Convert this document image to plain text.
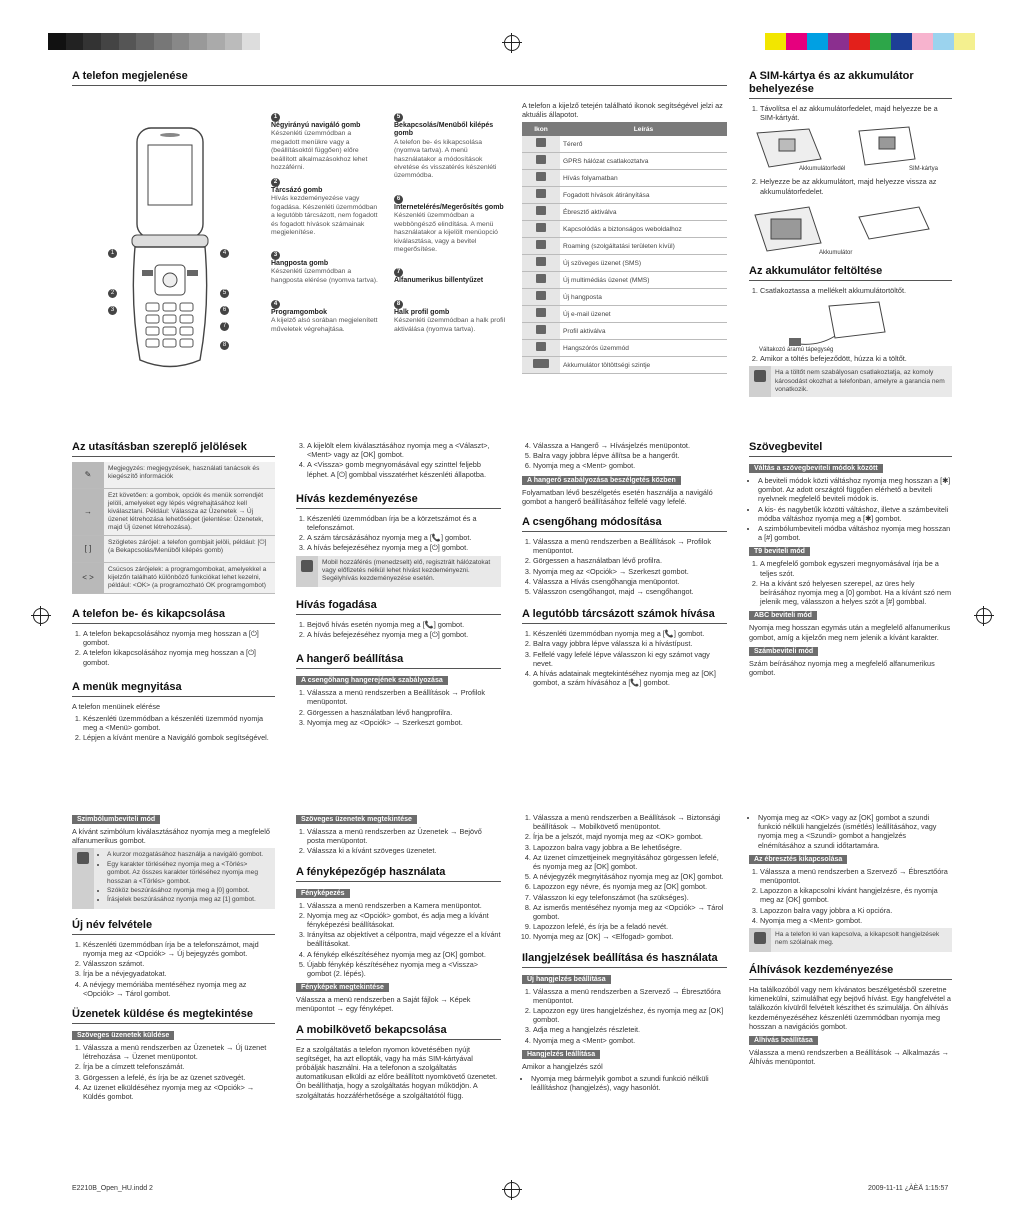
A telefon megjelenése
1
2
3
4
5
6
7
8
1
Négyirányú navigáló gomb
Készenléti üzemmódban a megadott menükre vagy a (beállításoktól függően) előre beállított alkalmazásokhoz lehet hozzáférni.
2
Tárcsázó gomb
Hívás kezdeményezése vagy fogadása. Készenléti üzemmódban a legutóbb tárcsázott, nem fogadott és fogadott hívások számainak megjelenítése.
3
Hangposta gomb
Készenléti üzemmódban a hangposta elérése (nyomva tartva).
4
Programgombok
A kijelző alsó sorában megjelenített műveletek végrehajtása.
5
Bekapcsolás/Menüből kilépés gomb
A telefon be- és kikapcsolása (nyomva tartva). A menü használatakor a módosítások elvetése és visszatérés készenléti üzemmódba.
6
Internetelérés/Megerősítés gomb
Készenléti üzemmódban a webböngésző elindítása. A menü használatakor a kijelölt menüopció kiválasztása, vagy a bevitel megerősítése.
7
Alfanumerikus billentyűzet
8
Halk profil gomb
Készenléti üzemmódban a halk profil aktiválása (nyomva tartva).
A telefon a kijelző tetején található ikonok segítségével jelzi az aktuális állapotot.
Ikon	Leírás
	Térerő
	GPRS hálózat csatlakoztatva
	Hívás folyamatban
	Fogadott hívások átirányítása
	Ébresztő aktiválva
	Kapcsolódás a biztonságos weboldalhoz
	Roaming (szolgáltatási területen kívül)
	Új szöveges üzenet (SMS)
	Új multimédiás üzenet (MMS)
	Új hangposta
	Új e-mail üzenet
	Profil aktiválva
	Hangszórós üzemmód
	Akkumulátor töltöttségi szintje
A SIM-kártya és az akkumulátor behelyezése
1. Távolítsa el az akkumulátorfedelet, majd helyezze be a SIM-kártyát.
Akkumulátorfedél	SIM-kártya
2. Helyezze be az akkumulátort, majd helyezze vissza az akkumulátorfedelet.
Akkumulátor
Az akkumulátor feltöltése
1. Csatlakoztassa a mellékelt akkumulátortöltőt.
Váltakozó áramú tápegység
2. Amikor a töltés befejeződött, húzza ki a töltőt.
Ha a töltőt nem szabályosan csatlakoztatja, az komoly károsodást okozhat a telefonban, amelyre a garancia nem vonatkozik.
Az utasításban szereplő jelölések
✎
Megjegyzés: megjegyzések, használati tanácsok és kiegészítő információk
→
Ezt követően: a gombok, opciók és menük sorrendjét jelöli, amelyeket egy lépés végrehajtásához kell kiválasztani. Például: Válassza az Üzenetek → Új üzenet létrehozása lehetőséget (jelentése: Üzenetek, majd Új üzenet létrehozása).
[ ]
Szögletes zárójel: a telefon gombjait jelöli, például: [⏻] (a Bekapcsolás/Menüből kilépés gomb)
< >
Csúcsos zárójelek: a programgombokat, amelyekkel a kijelzőn található különböző funkciókat lehet kezelni, például: <OK> (a programozható OK programgombot)
A telefon be- és kikapcsolása
1. A telefon bekapcsolásához nyomja meg hosszan a [⏻] gombot.
2. A telefon kikapcsolásához nyomja meg hosszan a [⏻] gombot.
A menük megnyitása
A telefon menüinek elérése
1. Készenléti üzemmódban a készenléti üzemmód nyomja meg a <Menü> gombot.
2. Lépjen a kívánt menüre a Navigáló gombok segítségével.
3. A kijelölt elem kiválasztásához nyomja meg a <Választ>, <Ment> vagy az [OK] gombot.
4. A <Vissza> gomb megnyomásával egy szinttel feljebb léphet. A [⏻] gombbal visszatérhet készenléti állapotba.
Hívás kezdeményezése
1. Készenléti üzemmódban írja be a körzetszámot és a telefonszámot.
2. A szám tárcsázásához nyomja meg a [📞] gombot.
3. A hívás befejezéséhez nyomja meg a [⏻] gombot.
Mobil hozzáférés (menedzselt) elő, regisztrált hálózatokat vagy előfizetés nélkül lehet hívást kezdeményezni. Segélyhívás kezdeményezése esetén.
Hívás fogadása
1. Bejövő hívás esetén nyomja meg a [📞] gombot.
2. A hívás befejezéséhez nyomja meg a [⏻] gombot.
A hangerő beállítása
A csengőhang hangerejének szabályozása
1. Válassza a menü rendszerben a Beállítások → Profilok menüpontot.
2. Görgessen a használatban lévő hangprofilra.
3. Nyomja meg az <Opciók> → Szerkeszt gombot.
4. Válassza a Hangerő → Hívásjelzés menüpontot.
5. Balra vagy jobbra lépve állítsa be a hangerőt.
6. Nyomja meg a <Ment> gombot.
A hangerő szabályozása beszélgetés közben
Folyamatban lévő beszélgetés esetén használja a navigáló gombot a hangerő beállításához felfelé vagy lefelé.
A csengőhang módosítása
1. Válassza a menü rendszerben a Beállítások → Profilok menüpontot.
2. Görgessen a használatban lévő profilra.
3. Nyomja meg az <Opciók> → Szerkeszt gombot.
4. Válassza a Hívás csengőhangja menüpontot.
5. Válasszon csengőhangot, majd → csengőhangot.
A legutóbb tárcsázott számok hívása
1. Készenléti üzemmódban nyomja meg a [📞] gombot.
2. Balra vagy jobbra lépve válassza ki a hívástípust.
3. Felfelé vagy lefelé lépve válasszon ki egy számot vagy nevet.
4. A hívás adatainak megtekintéséhez nyomja meg az [OK] gombot, a szám hívásához a [📞] gombot.
Szövegbevitel
Váltás a szövegbeviteli módok között
• A beviteli módok közti váltáshoz nyomja meg hosszan a [✱] gombot. Az adott országtól függően elérhető a beviteli nyelvnek megfelelő beviteli módok is.
• A kis- és nagybetűk közötti váltáshoz, illetve a számbeviteli módba váltáshoz nyomja meg a [✱] gombot.
• A szimbólumbeviteli módba váltáshoz nyomja meg hosszan a [#] gombot.
T9 beviteli mód
1. A megfelelő gombok egyszeri megnyomásával írja be a teljes szót.
2. Ha a kívánt szó helyesen szerepel, az üres hely beírásához nyomja meg a [0] gombot. Ha a kívánt szó nem jelenik meg, válasszon a helyes szót a [#] gombbal.
ABC beviteli mód
Nyomja meg hosszan egymás után a megfelelő alfanumerikus gombot, amíg a kijelzőn meg nem jelenik a kívánt karakter.
Számbeviteli mód
Szám beírásához nyomja meg a megfelelő alfanumerikus gombot.
Szimbólumbeviteli mód
A kívánt szimbólum kiválasztásához nyomja meg a megfelelő alfanumerikus gombot.
• A kurzor mozgatásához használja a navigáló gombot.
• Egy karakter törléséhez nyomja meg a <Törlés> gombot. Az összes karakter törléséhez nyomja meg hosszan a <Törlés> gombot.
• Szóköz beszúrásához nyomja meg a [0] gombot.
• Írásjelek beszúrásához nyomja meg az [1] gombot.
Új név felvétele
1. Készenléti üzemmódban írja be a telefonszámot, majd nyomja meg az <Opciók> → Új bejegyzés gombot.
2. Válasszon számot.
3. Írja be a névjegyadatokat.
4. A névjegy memóriába mentéséhez nyomja meg az <Opciók> → Tárol gombot.
Üzenetek küldése és megtekintése
Szöveges üzenetek küldése
1. Válassza a menü rendszerben az Üzenetek → Új üzenet létrehozása → Üzenet menüpontot.
2. Írja be a címzett telefonszámát.
3. Görgessen a lefelé, és írja be az üzenet szövegét.
4. Az üzenet elküldéséhez nyomja meg az <Opciók> → Küldés gombot.
Szöveges üzenetek megtekintése
1. Válassza a menü rendszerben az Üzenetek → Bejövő posta menüpontot.
2. Válassza ki a kívánt szöveges üzenetet.
A fényképezőgép használata
Fényképezés
1. Válassza a menü rendszerben a Kamera menüpontot.
2. Nyomja meg az <Opciók> gombot, és adja meg a kívánt fényképezési beállításokat.
3. Irányítsa az objektívet a célpontra, majd végezze el a kívánt beállításokat.
4. A fénykép elkészítéséhez nyomja meg az [OK] gombot.
5. Újabb fénykép készítéséhez nyomja meg a <Vissza> gombot (2. lépés).
Fényképek megtekintése
Válassza a menü rendszerben a Saját fájlok → Képek menüpontot → egy fényképet.
A mobilkövető bekapcsolása
Ez a szolgáltatás a telefon nyomon követésében nyújt segítséget, ha azt ellopták, vagy ha más SIM-kártyával próbálják használni. Ha a telefonon a szolgáltatás automatikusan elküldi az előre beállított nyomkövető üzenetet. Ön beállíthatja, hogy a szolgáltatás hogyan működjön. A szolgáltatás hozzáférhetősége a szolgáltatótól függ.
1. Válassza a menü rendszerben a Beállítások → Biztonsági beállítások → Mobilkövető menüpontot.
2. Írja be a jelszót, majd nyomja meg az <OK> gombot.
3. Lapozzon balra vagy jobbra a Be lehetőségre.
4. Az üzenet címzettjeinek megnyitásához görgessen lefelé, és nyomja meg az [OK] gombot.
5. A névjegyzék megnyitásához nyomja meg az [OK] gombot.
6. Lapozzon egy névre, és nyomja meg az [OK] gombot.
7. Válasszon ki egy telefonszámot (ha szükséges).
8. Az ismerős mentéséhez nyomja meg az <Opciók> → Tárol gombot.
9. Lapozzon lefelé, és írja be a feladó nevét.
10. Nyomja meg az [OK] → <Elfogad> gombot.
Ilangjelzések beállítása és használata
Új hangjelzés beállítása
1. Válassza a menü rendszerben a Szervező → Ébresztőóra menüpontot.
2. Lapozzon egy üres hangjelzéshez, és nyomja meg az [OK] gombot.
3. Adja meg a hangjelzés részleteit.
4. Nyomja meg a <Ment> gombot.
Hangjelzés leállítása
Amikor a hangjelzés szól
• Nyomja meg bármelyik gombot a szundi funkció nélküli leállításhoz (hangjelzés), vagy hasonlót.
• Nyomja meg az <OK> vagy az [OK] gombot a szundi funkció nélküli hangjelzés (ismétlés) leállításához, vagy nyomja meg a <Szundi> gombot a hangjelzés elnémításához a szundi időtartamára.
Az ébresztés kikapcsolása
1. Válassza a menü rendszerben a Szervező → Ébresztőóra menüpontot.
2. Lapozzon a kikapcsolni kívánt hangjelzésre, és nyomja meg az [OK] gombot.
3. Lapozzon balra vagy jobbra a Ki opcióra.
4. Nyomja meg a <Ment> gombot.
Ha a telefon ki van kapcsolva, a kikapcsolt hangjelzések nem szólalnak meg.
Álhívások kezdeményezése
Ha találkozóból vagy nem kívánatos beszélgetésből szeretne kimenekülni, szimulálhat egy bejövő hívást. Egy hangfelvétel a találkozón kívülről felvételt készíthet és szimulálja. Ön álhívás kezdeményezéséhez készenléti üzemmódban nyomja meg hosszan a navigációs gombot.
Álhívás beállítása
Válassza a menü rendszerben a Beállítások → Alkalmazás → Álhívás menüpontot.
E2210B_Open_HU.indd 2	2009-11-11 ¿ÀÈÄ 1:15:57
